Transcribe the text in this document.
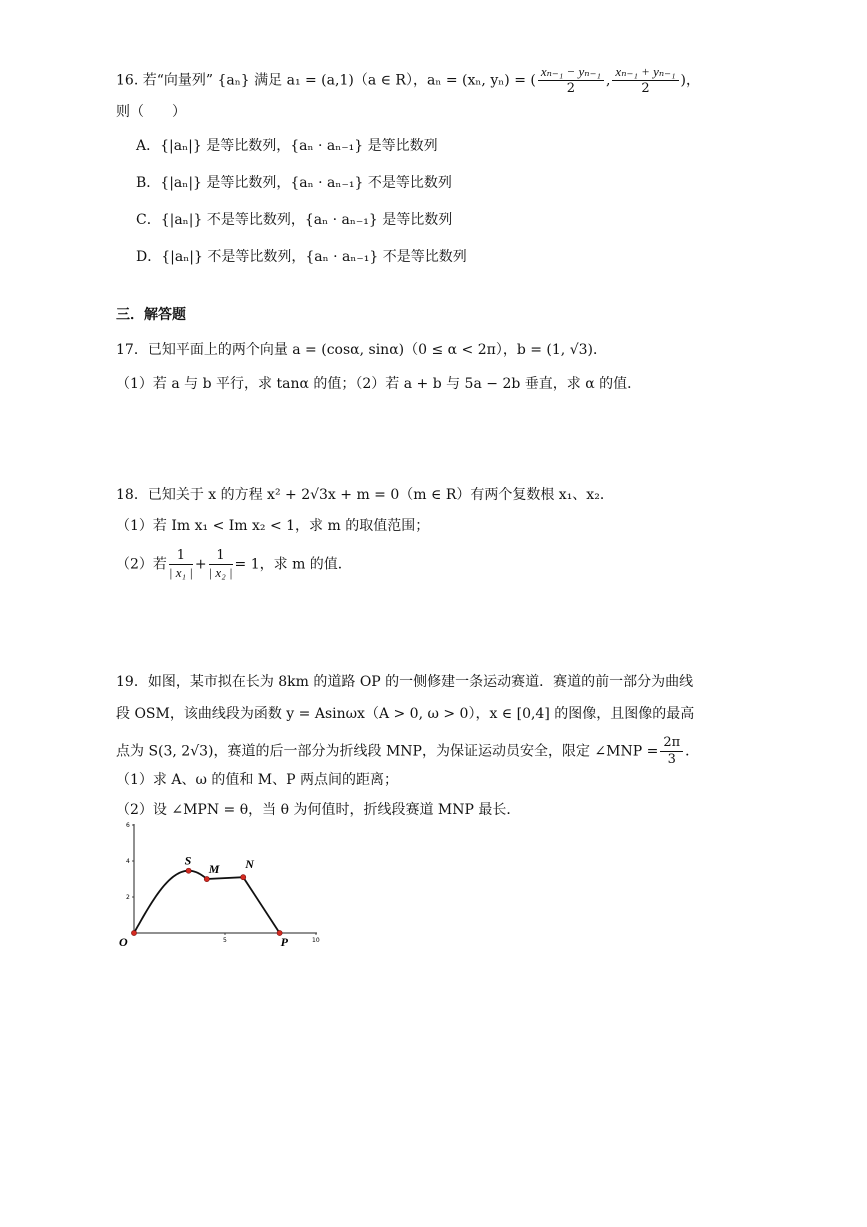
16. 若“向量列” {aₙ} 满足 a₁ = (a,1)（a ∈ R），aₙ = (xₙ, yₙ) = ( $\frac{\text{xₙ₋₁ − yₙ₋₁}}{2}$ , $\frac{\text{xₙ₋₁ + yₙ₋₁}}{2}$ )，
则（　　）
A．{|aₙ|} 是等比数列，{aₙ · aₙ₋₁} 是等比数列
B．{|aₙ|} 是等比数列，{aₙ · aₙ₋₁} 不是等比数列
C．{|aₙ|} 不是等比数列，{aₙ · aₙ₋₁} 是等比数列
D．{|aₙ|} 不是等比数列，{aₙ · aₙ₋₁} 不是等比数列
三．解答题
17．已知平面上的两个向量 a = (cosα, sinα)（0 ≤ α < 2π），b = (1, √3)．
（1）若 a 与 b 平行，求 tanα 的值；（2）若 a + b 与 5a − 2b 垂直，求 α 的值．
18．已知关于 x 的方程 x² + 2√3x + m = 0（m ∈ R）有两个复数根 x₁、x₂．
（1）若 Im x₁ < Im x₂ < 1，求 m 的取值范围；
（2）若 $\frac{1}{\text{| x₁ |}} + \frac{1}{\text{| x₂ |}} = 1$，求 m 的值．
19．如图，某市拟在长为 8km 的道路 OP 的一侧修建一条运动赛道．赛道的前一部分为曲线
段 OSM，该曲线段为函数 y = Asinωx（A > 0, ω > 0），x ∈ [0,4] 的图像，且图像的最高
点为 S(3, 2√3)，赛道的后一部分为折线段 MNP，为保证运动员安全，限定 ∠MNP = $\frac{2\pi}{3}$ ．
（1）求 A、ω 的值和 M、P 两点间的距离；
（2）设 ∠MPN = θ，当 θ 为何值时，折线段赛道 MNP 最长．
5	10
2
4
6
O
S
M N
P
